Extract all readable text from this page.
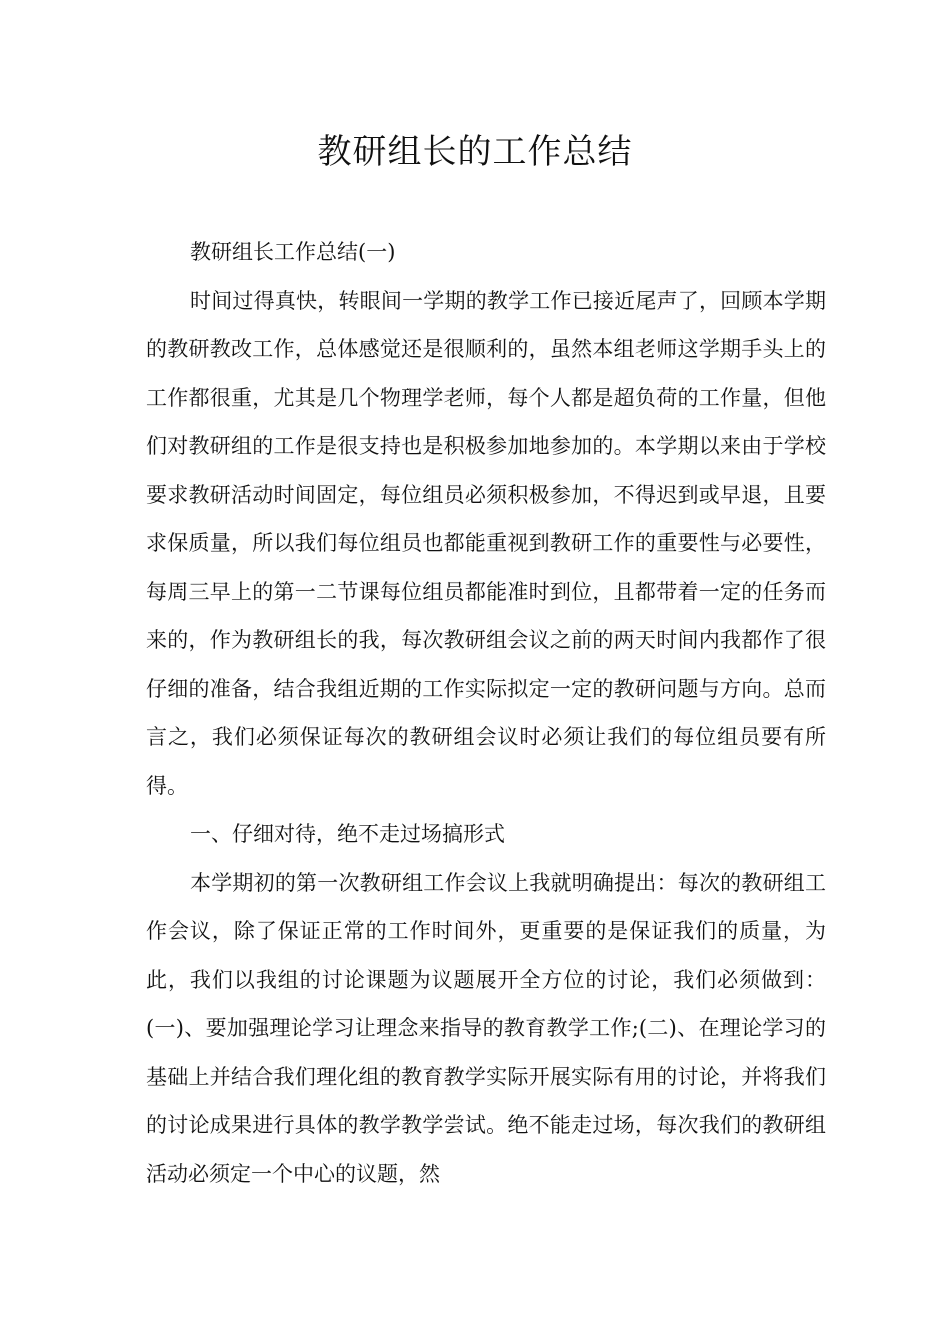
教研组长的工作总结

教研组长工作总结(一)

时间过得真快，转眼间一学期的教学工作已接近尾声了，回顾本学期的教研教改工作，总体感觉还是很顺利的，虽然本组老师这学期手头上的工作都很重，尤其是几个物理学老师，每个人都是超负荷的工作量，但他们对教研组的工作是很支持也是积极参加地参加的。本学期以来由于学校要求教研活动时间固定，每位组员必须积极参加，不得迟到或早退，且要求保质量，所以我们每位组员也都能重视到教研工作的重要性与必要性，每周三早上的第一二节课每位组员都能准时到位，且都带着一定的任务而来的，作为教研组长的我，每次教研组会议之前的两天时间内我都作了很仔细的准备，结合我组近期的工作实际拟定一定的教研问题与方向。总而言之，我们必须保证每次的教研组会议时必须让我们的每位组员要有所得。

一、仔细对待，绝不走过场搞形式

本学期初的第一次教研组工作会议上我就明确提出：每次的教研组工作会议，除了保证正常的工作时间外，更重要的是保证我们的质量，为此，我们以我组的讨论课题为议题展开全方位的讨论，我们必须做到：(一)、要加强理论学习让理念来指导的教育教学工作;(二)、在理论学习的基础上并结合我们理化组的教育教学实际开展实际有用的讨论，并将我们的讨论成果进行具体的教学教学尝试。绝不能走过场，每次我们的教研组活动必须定一个中心的议题，然
